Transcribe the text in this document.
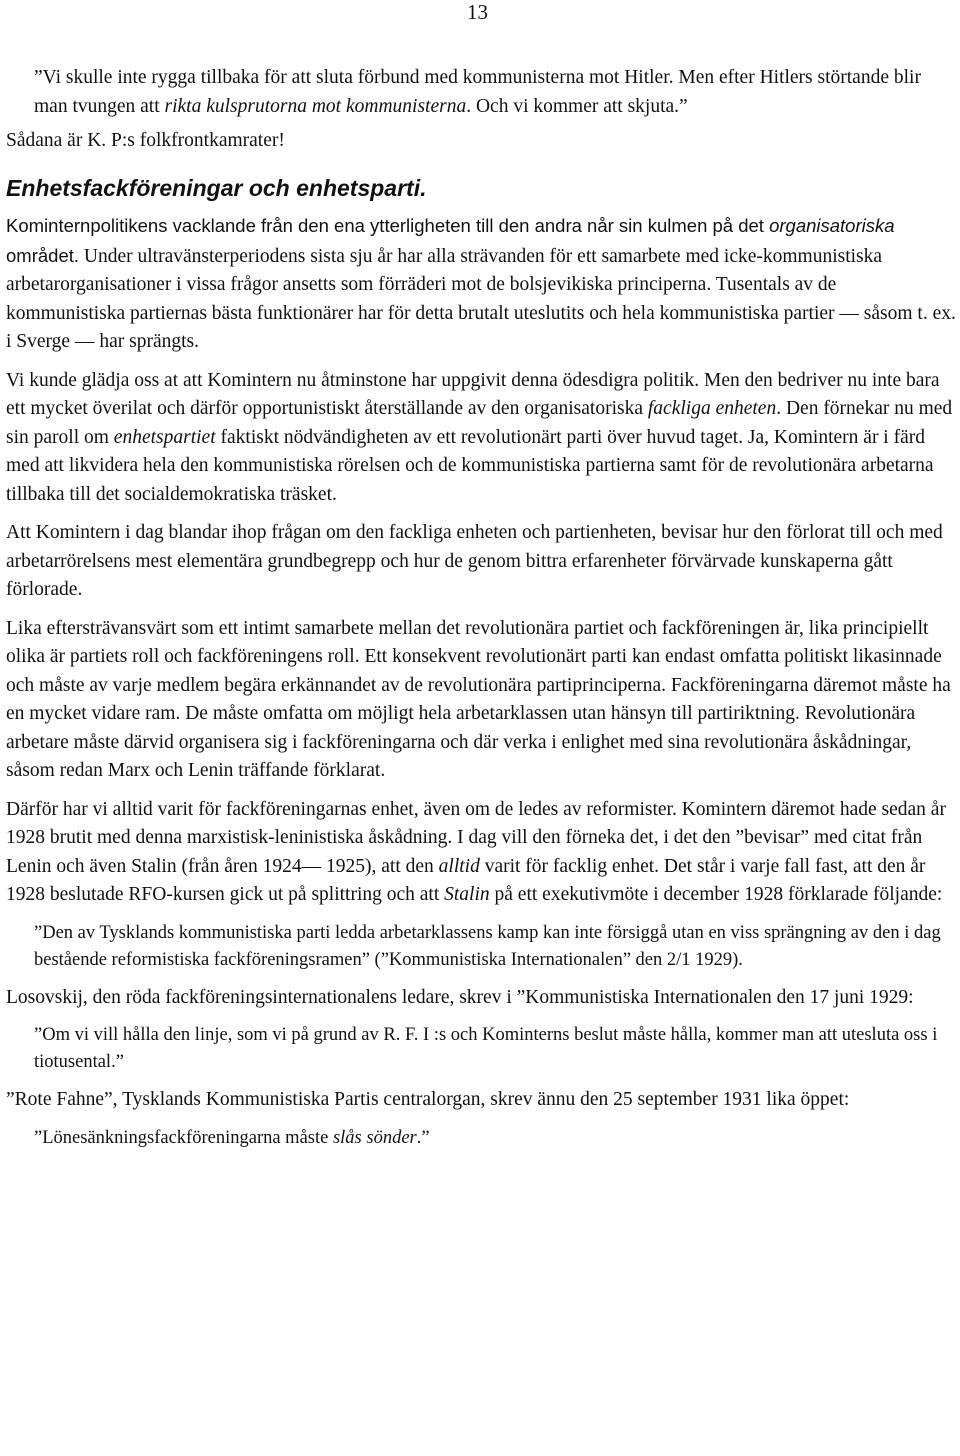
13

”Vi skulle inte rygga tillbaka för att sluta förbund med kommunisterna mot Hitler. Men efter Hitlers störtande blir man tvungen att rikta kulsprutorna mot kommunisterna. Och vi kommer att skjuta.”

Sådana är K. P:s folkfrontkamrater!

Enhetsfackföreningar och enhetsparti.

Kominternpolitikens vacklande från den ena ytterligheten till den andra når sin kulmen på det organisatoriska området. Under ultravänsterperiodens sista sju år har alla strävanden för ett samarbete med icke-kommunistiska arbetarorganisationer i vissa frågor ansetts som förräderi mot de bolsjevikiska principerna. Tusentals av de kommunistiska partiernas bästa funktionärer har för detta brutalt uteslutits och hela kommunistiska partier — såsom t. ex. i Sverge — har sprängts.

Vi kunde glädja oss at att Komintern nu åtminstone har uppgivit denna ödesdigra politik. Men den bedriver nu inte bara ett mycket överilat och därför opportunistiskt återställande av den organisatoriska fackliga enheten. Den förnekar nu med sin paroll om enhetspartiet faktiskt nödvändigheten av ett revolutionärt parti över huvud taget. Ja, Komintern är i färd med att likvidera hela den kommunistiska rörelsen och de kommunistiska partierna samt för de revolutionära arbetarna tillbaka till det socialdemokratiska träsket.

Att Komintern i dag blandar ihop frågan om den fackliga enheten och partienheten, bevisar hur den förlorat till och med arbetarrörelsens mest elementära grundbegrepp och hur de genom bittra erfarenheter förvärvade kunskaperna gått förlorade.

Lika eftersträvansvärt som ett intimt samarbete mellan det revolutionära partiet och fackföreningen är, lika principiellt olika är partiets roll och fackföreningens roll. Ett konsekvent revolutionärt parti kan endast omfatta politiskt likasinnade och måste av varje medlem begära erkännandet av de revolutionära partiprinciperna. Fackföreningarna däremot måste ha en mycket vidare ram. De måste omfatta om möjligt hela arbetarklassen utan hänsyn till partiriktning. Revolutionära arbetare måste därvid organisera sig i fackföreningarna och där verka i enlighet med sina revolutionära åskådningar, såsom redan Marx och Lenin träffande förklarat.

Därför har vi alltid varit för fackföreningarnas enhet, även om de ledes av reformister. Komintern däremot hade sedan år 1928 brutit med denna marxistisk-leninistiska åskådning. I dag vill den förneka det, i det den ”bevisar” med citat från Lenin och även Stalin (från åren 1924— 1925), att den alltid varit för facklig enhet. Det står i varje fall fast, att den år 1928 beslutade RFO-kursen gick ut på splittring och att Stalin på ett exekutivmöte i december 1928 förklarade följande:

”Den av Tysklands kommunistiska parti ledda arbetarklassens kamp kan inte försiggå utan en viss sprängning av den i dag bestående reformistiska fackföreningsramen” (”Kommunistiska Internationalen” den 2/1 1929).

Losovskij, den röda fackföreningsinternationalens ledare, skrev i ”Kommunistiska Internationalen den 17 juni 1929:

”Om vi vill hålla den linje, som vi på grund av R. F. I :s och Kominterns beslut måste hålla, kommer man att utesluta oss i tiotusental.”

”Rote Fahne”, Tysklands Kommunistiska Partis centralorgan, skrev ännu den 25 september 1931 lika öppet:

”Lönesänkningsfackföreningarna måste slås sönder.”
